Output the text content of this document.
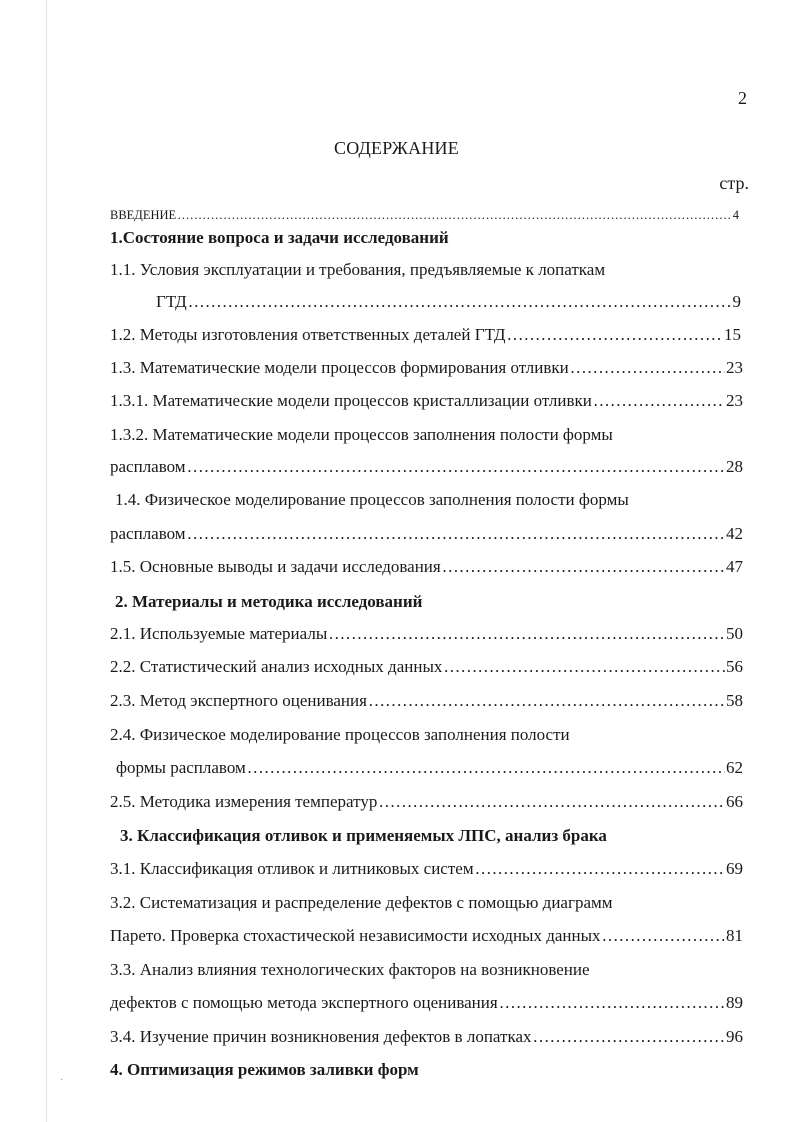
2
СОДЕРЖАНИЕ
стр.
ВВЕДЕНИЕ ……………………………………………………………………………………………………………………………………………………………………………………………………………………………………	4
1.Состояние вопроса и задачи исследований
1.1. Условия эксплуатации и требования, предъявляемые к лопаткам
ГТД ……………………………………………………………………………………………………………………………………………………………………………………………………………………………………	9
1.2. Методы изготовления ответственных деталей ГТД ……………………………………………………………………………………………………………………………………………………………………………………………………………………………………	15
1.3. Математические модели процессов формирования отливки ……………………………………………………………………………………………………………………………………………………………………………………………………………………………………	23
1.3.1. Математические модели процессов кристаллизации отливки ……………………………………………………………………………………………………………………………………………………………………………………………………………………………………	23
1.3.2. Математические модели процессов заполнения полости формы
расплавом ……………………………………………………………………………………………………………………………………………………………………………………………………………………………………	28
1.4. Физическое моделирование процессов заполнения полости формы
расплавом ……………………………………………………………………………………………………………………………………………………………………………………………………………………………………	42
1.5. Основные выводы и задачи исследования ……………………………………………………………………………………………………………………………………………………………………………………………………………………………………	47
2. Материалы и методика исследований
2.1. Используемые материалы ……………………………………………………………………………………………………………………………………………………………………………………………………………………………………	50
2.2. Статистический анализ исходных данных ……………………………………………………………………………………………………………………………………………………………………………………………………………………………………	56
2.3. Метод экспертного оценивания ……………………………………………………………………………………………………………………………………………………………………………………………………………………………………	58
2.4. Физическое моделирование процессов заполнения полости
формы расплавом ……………………………………………………………………………………………………………………………………………………………………………………………………………………………………	62
2.5. Методика измерения температур ……………………………………………………………………………………………………………………………………………………………………………………………………………………………………	66
3. Классификация отливок и применяемых ЛПС, анализ брака
3.1. Классификация отливок и литниковых систем ……………………………………………………………………………………………………………………………………………………………………………………………………………………………………	69
3.2. Систематизация и распределение дефектов с помощью диаграмм
Парето. Проверка стохастической независимости исходных данных ……………………………………………………………………………………………………………………………………………………………………………………………………………………………………	81
3.3. Анализ влияния технологических факторов на возникновение
дефектов с помощью метода экспертного оценивания ……………………………………………………………………………………………………………………………………………………………………………………………………………………………………	89
3.4. Изучение причин возникновения дефектов в лопатках ……………………………………………………………………………………………………………………………………………………………………………………………………………………………………	96
4. Оптимизация режимов заливки форм
·
